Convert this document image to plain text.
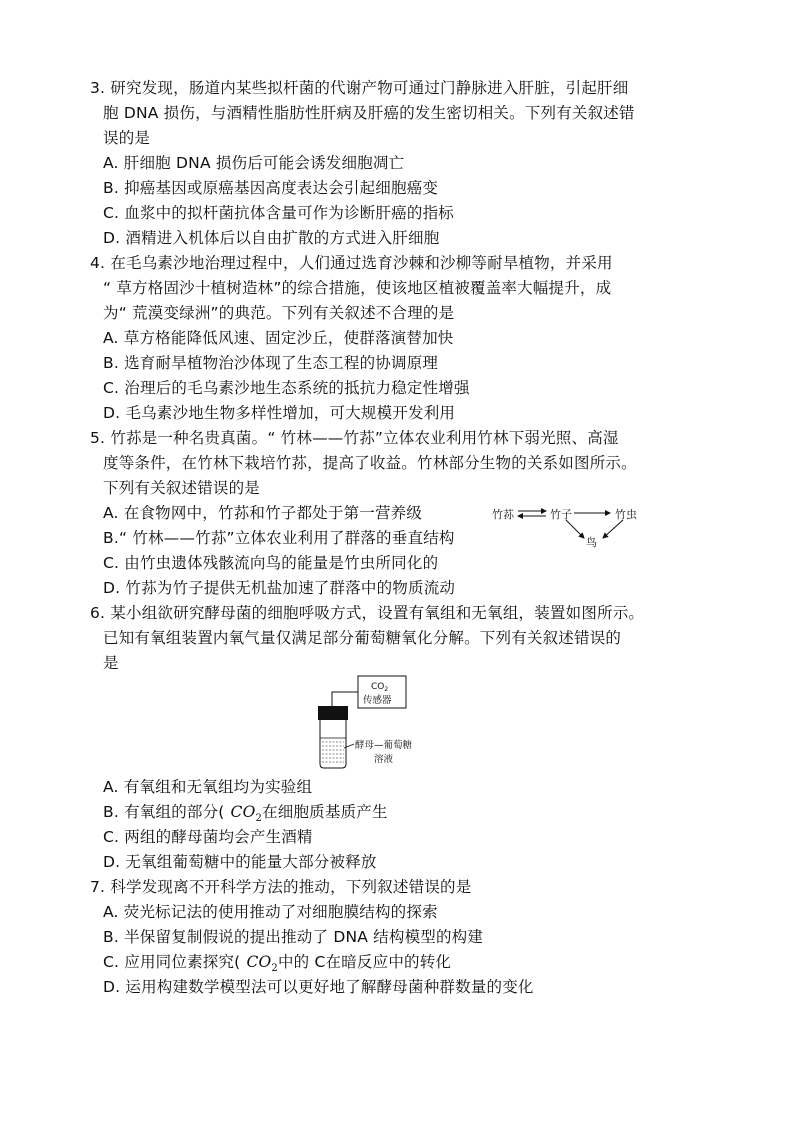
3. 研究发现，肠道内某些拟杆菌的代谢产物可通过门静脉进入肝脏，引起肝细
胞 DNA 损伤，与酒精性脂肪性肝病及肝癌的发生密切相关。下列有关叙述错
误的是
A. 肝细胞 DNA 损伤后可能会诱发细胞凋亡
B. 抑癌基因或原癌基因高度表达会引起细胞癌变
C. 血浆中的拟杆菌抗体含量可作为诊断肝癌的指标
D. 酒精进入机体后以自由扩散的方式进入肝细胞
4. 在毛乌素沙地治理过程中，人们通过选育沙棘和沙柳等耐旱植物，并采用
“ 草方格固沙十植树造林”的综合措施，使该地区植被覆盖率大幅提升，成
为“ 荒漠变绿洲”的典范。下列有关叙述不合理的是
A. 草方格能降低风速、固定沙丘，使群落演替加快
B. 选育耐旱植物治沙体现了生态工程的协调原理
C. 治理后的毛乌素沙地生态系统的抵抗力稳定性增强
D. 毛乌素沙地生物多样性增加，可大规模开发利用
5. 竹荪是一种名贵真菌。“ 竹林——竹荪”立体农业利用竹林下弱光照、高湿
度等条件，在竹林下栽培竹荪，提高了收益。竹林部分生物的关系如图所示。
下列有关叙述错误的是
A. 在食物网中，竹荪和竹子都处于第一营养级
B.“ 竹林——竹荪”立体农业利用了群落的垂直结构
C. 由竹虫遗体残骸流向鸟的能量是竹虫所同化的
D. 竹荪为竹子提供无机盐加速了群落中的物质流动
竹荪	竹子	竹虫
鸟
6. 某小组欲研究酵母菌的细胞呼吸方式，设置有氧组和无氧组，装置如图所示。
已知有氧组装置内氧气量仅满足部分葡萄糖氧化分解。下列有关叙述错误的
是
$CO_2$
传感器
酵母—葡萄糖
溶液
A. 有氧组和无氧组均为实验组
B. 有氧组的部分( $CO_2$在细胞质基质产生
C. 两组的酵母菌均会产生酒精
D. 无氧组葡萄糖中的能量大部分被释放
7. 科学发现离不开科学方法的推动，下列叙述错误的是
A. 荧光标记法的使用推动了对细胞膜结构的探索
B. 半保留复制假说的提出推动了 DNA 结构模型的构建
C. 应用同位素探究( $CO_2$中的 C在暗反应中的转化
D. 运用构建数学模型法可以更好地了解酵母菌种群数量的变化
